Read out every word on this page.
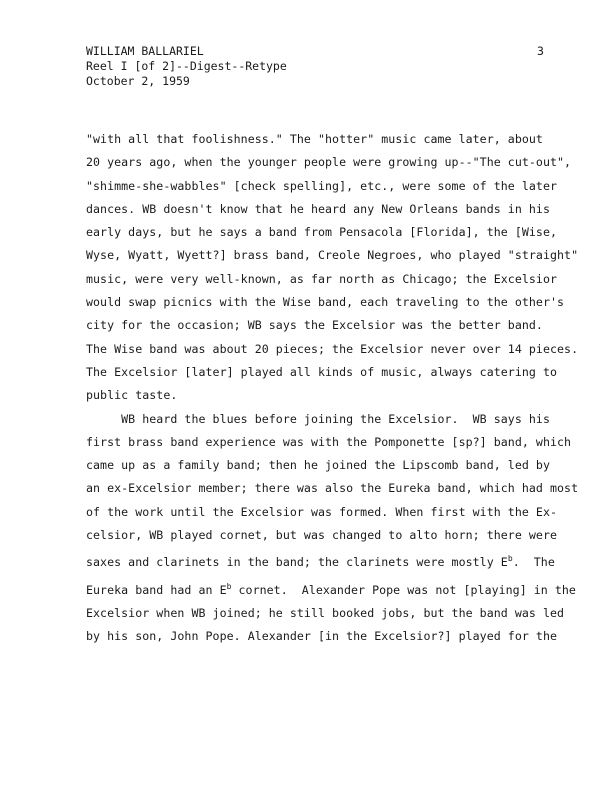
WILLIAM BALLARIEL
Reel I [of 2]--Digest--Retype
October 2, 1959
3
"with all that foolishness." The "hotter" music came later, about
20 years ago, when the younger people were growing up--"The cut-out",
"shimme-she-wabbles" [check spelling], etc., were some of the later
dances. WB doesn't know that he heard any New Orleans bands in his
early days, but he says a band from Pensacola [Florida], the [Wise,
Wyse, Wyatt, Wyett?] brass band, Creole Negroes, who played "straight"
music, were very well-known, as far north as Chicago; the Excelsior
would swap picnics with the Wise band, each traveling to the other's
city for the occasion; WB says the Excelsior was the better band.
The Wise band was about 20 pieces; the Excelsior never over 14 pieces.
The Excelsior [later] played all kinds of music, always catering to
public taste.
WB heard the blues before joining the Excelsior.  WB says his
first brass band experience was with the Pomponette [sp?] band, which
came up as a family band; then he joined the Lipscomb band, led by
an ex-Excelsior member; there was also the Eureka band, which had most
of the work until the Excelsior was formed. When first with the Ex-
celsior, WB played cornet, but was changed to alto horn; there were
saxes and clarinets in the band; the clarinets were mostly $E^b$.  The
Eureka band had an $E^b$ cornet.  Alexander Pope was not [playing] in the
Excelsior when WB joined; he still booked jobs, but the band was led
by his son, John Pope. Alexander [in the Excelsior?] played for the
